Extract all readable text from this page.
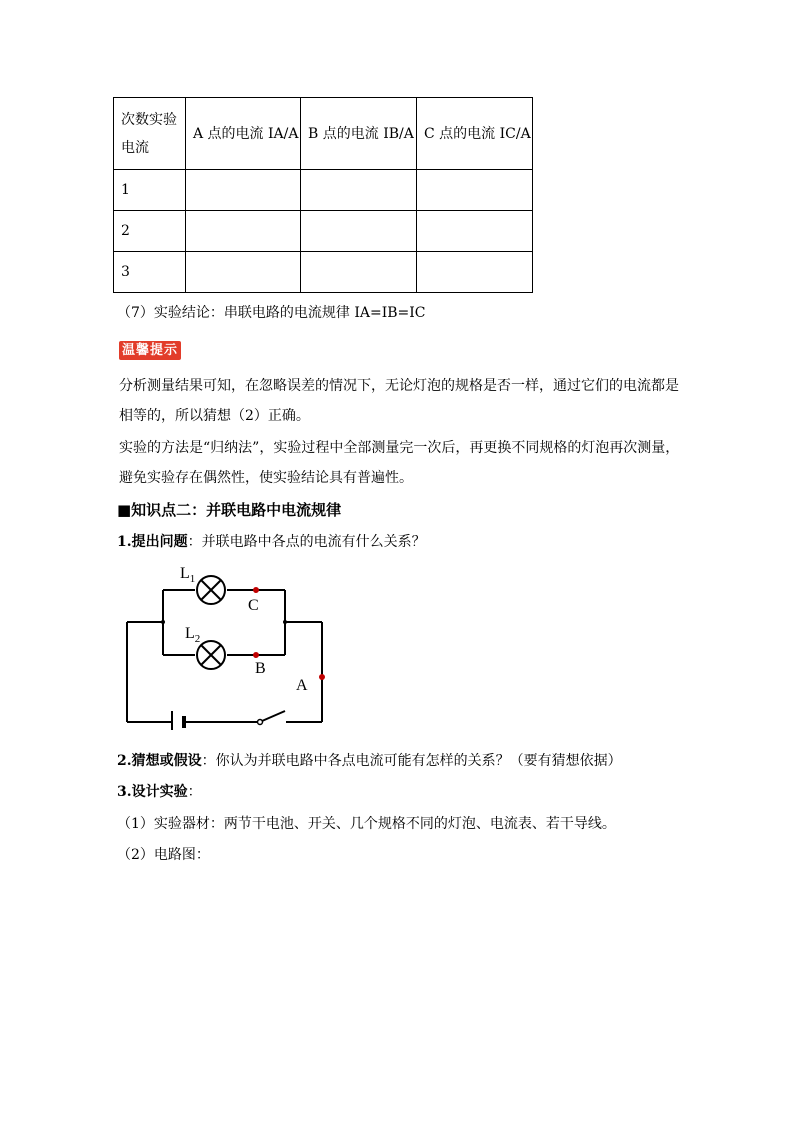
次数实验
电流	A 点的电流 IA/A	B 点的电流 IB/A	C 点的电流 IC/A
1			
2			
3			
（7）实验结论：串联电路的电流规律 IA=IB=IC
温馨提示
分析测量结果可知，在忽略误差的情况下，无论灯泡的规格是否一样，通过它们的电流都是
相等的，所以猜想（2）正确。
实验的方法是“归纳法”，实验过程中全部测量完一次后，再更换不同规格的灯泡再次测量，
避免实验存在偶然性，使实验结论具有普遍性。
■知识点二：并联电路中电流规律
1.提出问题：并联电路中各点的电流有什么关系？
$L_1$
$L_2$
C
B
A
2.猜想或假设：你认为并联电路中各点电流可能有怎样的关系？（要有猜想依据）
3.设计实验：
（1）实验器材：两节干电池、开关、几个规格不同的灯泡、电流表、若干导线。
（2）电路图：
